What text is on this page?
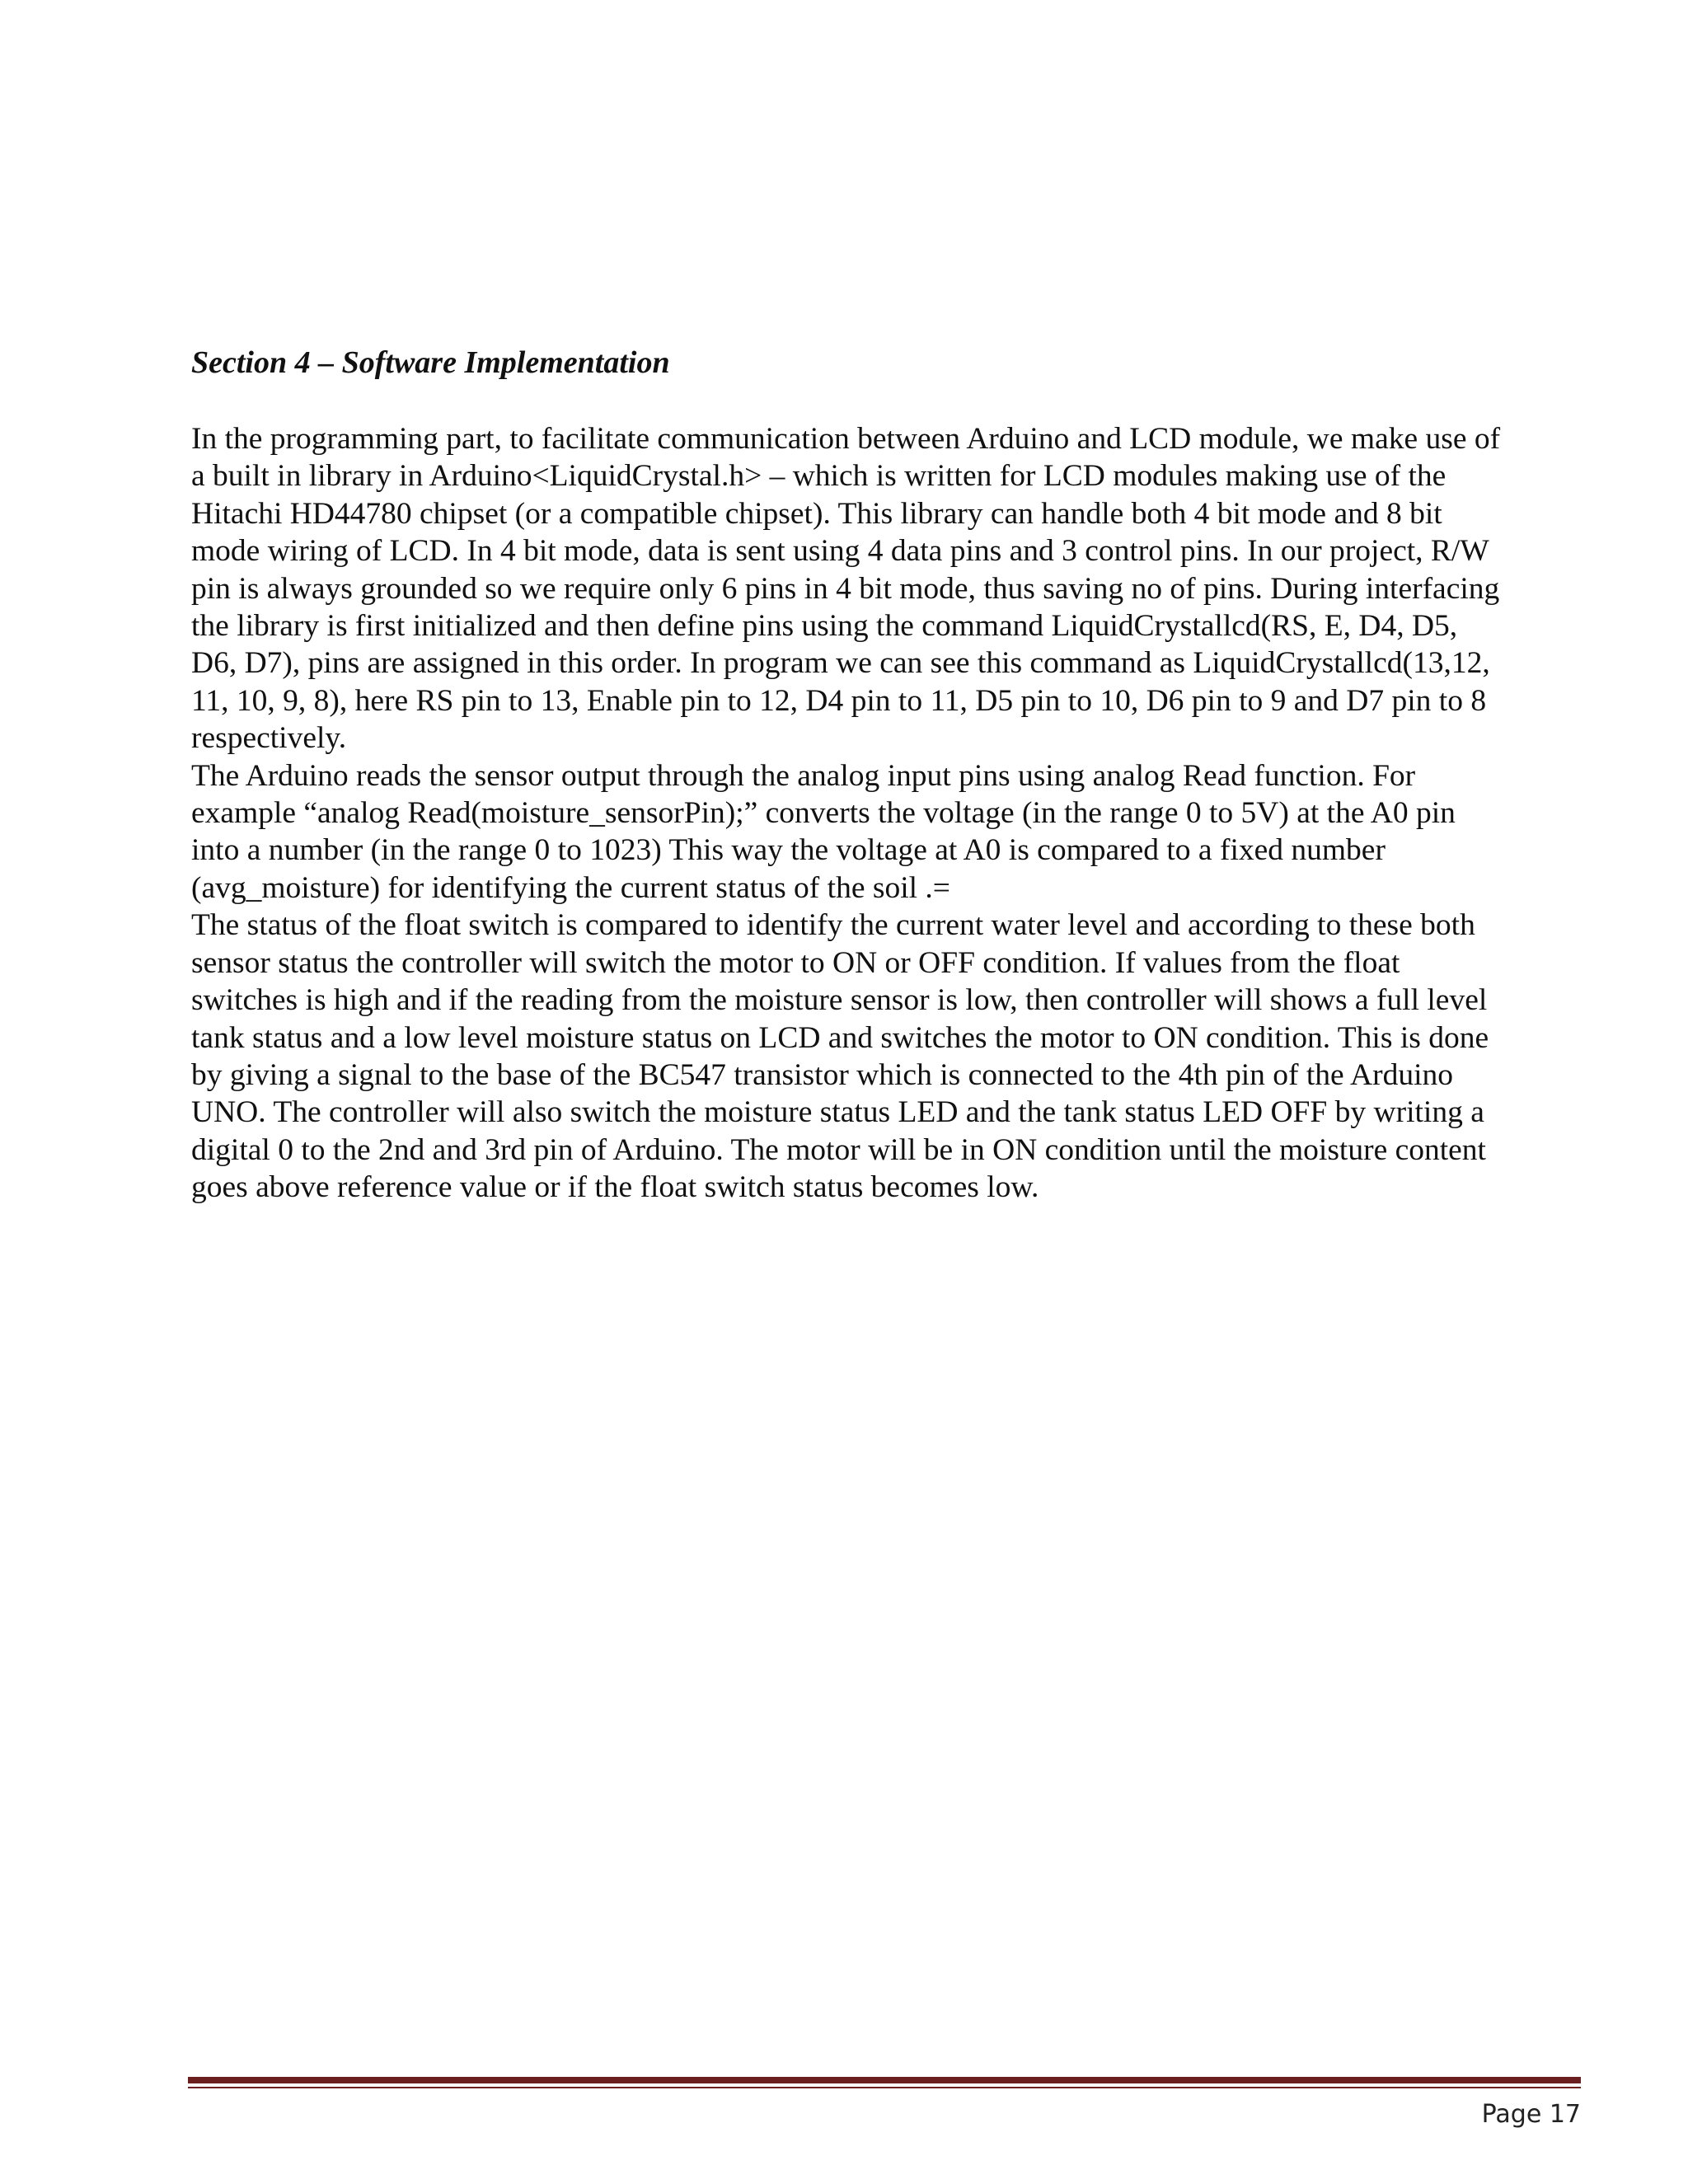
Section 4 – Software Implementation
In the programming part, to facilitate communication between Arduino and LCD module, we make use of
a built in library in Arduino<LiquidCrystal.h> – which is written for LCD modules making use of the
Hitachi HD44780 chipset (or a compatible chipset). This library can handle both 4 bit mode and 8 bit
mode wiring of LCD. In 4 bit mode, data is sent using 4 data pins and 3 control pins. In our project, R/W
pin is always grounded so we require only 6 pins in 4 bit mode, thus saving no of pins. During interfacing
the library is first initialized and then define pins using the command LiquidCrystallcd(RS, E, D4, D5,
D6, D7), pins are assigned in this order. In program we can see this command as LiquidCrystallcd(13,12,
11, 10, 9, 8), here RS pin to 13, Enable pin to 12, D4 pin to 11, D5 pin to 10, D6 pin to 9 and D7 pin to 8
respectively.
The Arduino reads the sensor output through the analog input pins using analog Read function. For
example “analog Read(moisture_sensorPin);” converts the voltage (in the range 0 to 5V) at the A0 pin
into a number (in the range 0 to 1023) This way the voltage at A0 is compared to a fixed number
(avg_moisture) for identifying the current status of the soil .=
The status of the float switch is compared to identify the current water level and according to these both
sensor status the controller will switch the motor to ON or OFF condition. If values from the float
switches is high and if the reading from the moisture sensor is low, then controller will shows a full level
tank status and a low level moisture status on LCD and switches the motor to ON condition. This is done
by giving a signal to the base of the BC547 transistor which is connected to the 4th pin of the Arduino
UNO. The controller will also switch the moisture status LED and the tank status LED OFF by writing a
digital 0 to the 2nd and 3rd pin of Arduino. The motor will be in ON condition until the moisture content
goes above reference value or if the float switch status becomes low.
Page 17
